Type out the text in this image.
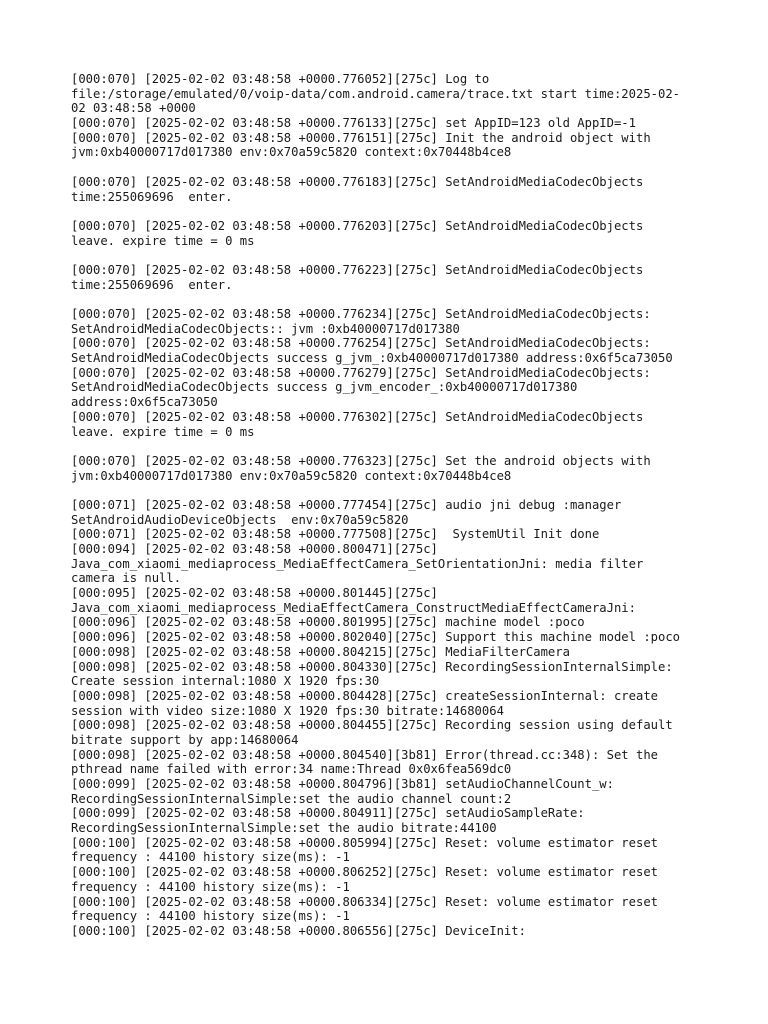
[000:070] [2025-02-02 03:48:58 +0000.776052][275c] Log to
file:/storage/emulated/0/voip-data/com.android.camera/trace.txt start time:2025-02-
02 03:48:58 +0000
[000:070] [2025-02-02 03:48:58 +0000.776133][275c] set AppID=123 old AppID=-1
[000:070] [2025-02-02 03:48:58 +0000.776151][275c] Init the android object with
jvm:0xb40000717d017380 env:0x70a59c5820 context:0x70448b4ce8
[000:070] [2025-02-02 03:48:58 +0000.776183][275c] SetAndroidMediaCodecObjects
time:255069696  enter.
[000:070] [2025-02-02 03:48:58 +0000.776203][275c] SetAndroidMediaCodecObjects
leave. expire time = 0 ms
[000:070] [2025-02-02 03:48:58 +0000.776223][275c] SetAndroidMediaCodecObjects
time:255069696  enter.
[000:070] [2025-02-02 03:48:58 +0000.776234][275c] SetAndroidMediaCodecObjects:
SetAndroidMediaCodecObjects:: jvm :0xb40000717d017380
[000:070] [2025-02-02 03:48:58 +0000.776254][275c] SetAndroidMediaCodecObjects:
SetAndroidMediaCodecObjects success g_jvm_:0xb40000717d017380 address:0x6f5ca73050
[000:070] [2025-02-02 03:48:58 +0000.776279][275c] SetAndroidMediaCodecObjects:
SetAndroidMediaCodecObjects success g_jvm_encoder_:0xb40000717d017380
address:0x6f5ca73050
[000:070] [2025-02-02 03:48:58 +0000.776302][275c] SetAndroidMediaCodecObjects
leave. expire time = 0 ms
[000:070] [2025-02-02 03:48:58 +0000.776323][275c] Set the android objects with
jvm:0xb40000717d017380 env:0x70a59c5820 context:0x70448b4ce8
[000:071] [2025-02-02 03:48:58 +0000.777454][275c] audio jni debug :manager
SetAndroidAudioDeviceObjects  env:0x70a59c5820
[000:071] [2025-02-02 03:48:58 +0000.777508][275c]  SystemUtil Init done
[000:094] [2025-02-02 03:48:58 +0000.800471][275c]
Java_com_xiaomi_mediaprocess_MediaEffectCamera_SetOrientationJni: media filter
camera is null.
[000:095] [2025-02-02 03:48:58 +0000.801445][275c]
Java_com_xiaomi_mediaprocess_MediaEffectCamera_ConstructMediaEffectCameraJni:
[000:096] [2025-02-02 03:48:58 +0000.801995][275c] machine model :poco
[000:096] [2025-02-02 03:48:58 +0000.802040][275c] Support this machine model :poco
[000:098] [2025-02-02 03:48:58 +0000.804215][275c] MediaFilterCamera
[000:098] [2025-02-02 03:48:58 +0000.804330][275c] RecordingSessionInternalSimple:
Create session internal:1080 X 1920 fps:30
[000:098] [2025-02-02 03:48:58 +0000.804428][275c] createSessionInternal: create
session with video size:1080 X 1920 fps:30 bitrate:14680064
[000:098] [2025-02-02 03:48:58 +0000.804455][275c] Recording session using default
bitrate support by app:14680064
[000:098] [2025-02-02 03:48:58 +0000.804540][3b81] Error(thread.cc:348): Set the
pthread name failed with error:34 name:Thread 0x0x6fea569dc0
[000:099] [2025-02-02 03:48:58 +0000.804796][3b81] setAudioChannelCount_w:
RecordingSessionInternalSimple:set the audio channel count:2
[000:099] [2025-02-02 03:48:58 +0000.804911][275c] setAudioSampleRate:
RecordingSessionInternalSimple:set the audio bitrate:44100
[000:100] [2025-02-02 03:48:58 +0000.805994][275c] Reset: volume estimator reset
frequency : 44100 history size(ms): -1
[000:100] [2025-02-02 03:48:58 +0000.806252][275c] Reset: volume estimator reset
frequency : 44100 history size(ms): -1
[000:100] [2025-02-02 03:48:58 +0000.806334][275c] Reset: volume estimator reset
frequency : 44100 history size(ms): -1
[000:100] [2025-02-02 03:48:58 +0000.806556][275c] DeviceInit:
